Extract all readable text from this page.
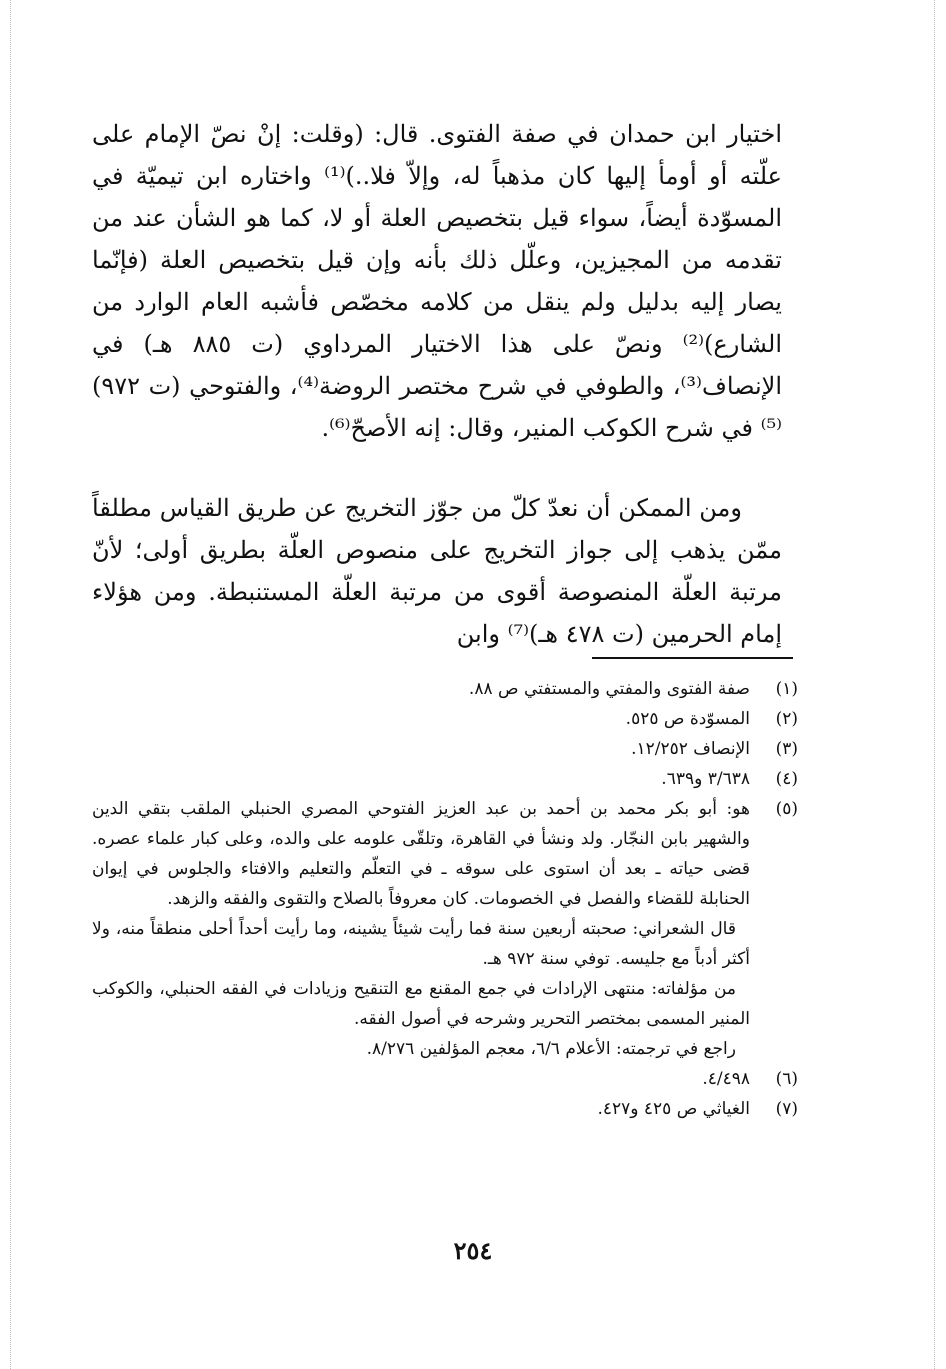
اختيار ابن حمدان في صفة الفتوى. قال: (وقلت: إنْ نصّ الإمام على علّته أو أومأ إليها كان مذهباً له، وإلاّ فلا..)⁽¹⁾ واختاره ابن تيميّة في المسوّدة أيضاً، سواء قيل بتخصيص العلة أو لا، كما هو الشأن عند من تقدمه من المجيزين، وعلّل ذلك بأنه وإن قيل بتخصيص العلة (فإنّما يصار إليه بدليل ولم ينقل من كلامه مخصّص فأشبه العام الوارد من الشارع)⁽²⁾ ونصّ على هذا الاختيار المرداوي (ت ٨٨٥ هـ) في الإنصاف⁽³⁾، والطوفي في شرح مختصر الروضة⁽⁴⁾، والفتوحي (ت ٩٧٢)⁽⁵⁾ في شرح الكوكب المنير، وقال: إنه الأصحّ⁽⁶⁾.

ومن الممكن أن نعدّ كلّ من جوّز التخريج عن طريق القياس مطلقاً ممّن يذهب إلى جواز التخريج على منصوص العلّة بطريق أولى؛ لأنّ مرتبة العلّة المنصوصة أقوى من مرتبة العلّة المستنبطة. ومن هؤلاء إمام الحرمين (ت ٤٧٨ هـ)⁽⁷⁾ وابن

(١)

صفة الفتوى والمفتي والمستفتي ص ٨٨.

(٢)

المسوّدة ص ٥٢٥.

(٣)

الإنصاف ١٢/٢٥٢.

(٤)

٣/٦٣٨ و٦٣٩.

(٥)

هو: أبو بكر محمد بن أحمد بن عبد العزيز الفتوحي المصري الحنبلي الملقب بتقي الدين والشهير بابن النجّار. ولد ونشأ في القاهرة، وتلقّى علومه على والده، وعلى كبار علماء عصره. قضى حياته ـ بعد أن استوى على سوقه ـ في التعلّم والتعليم والافتاء والجلوس في إيوان الحنابلة للقضاء والفصل في الخصومات. كان معروفاً بالصلاح والتقوى والفقه والزهد.

قال الشعراني: صحبته أربعين سنة فما رأيت شيئاً يشينه، وما رأيت أحداً أحلى منطقاً منه، ولا أكثر أدباً مع جليسه. توفي سنة ٩٧٢ هـ.

من مؤلفاته: منتهى الإرادات في جمع المقنع مع التنقيح وزيادات في الفقه الحنبلي، والكوكب المنير المسمى بمختصر التحرير وشرحه في أصول الفقه.

راجع في ترجمته: الأعلام ٦/٦، معجم المؤلفين ٨/٢٧٦.

(٦)

٤/٤٩٨.

(٧)

الغياثي ص ٤٢٥ و٤٢٧.

٢٥٤
